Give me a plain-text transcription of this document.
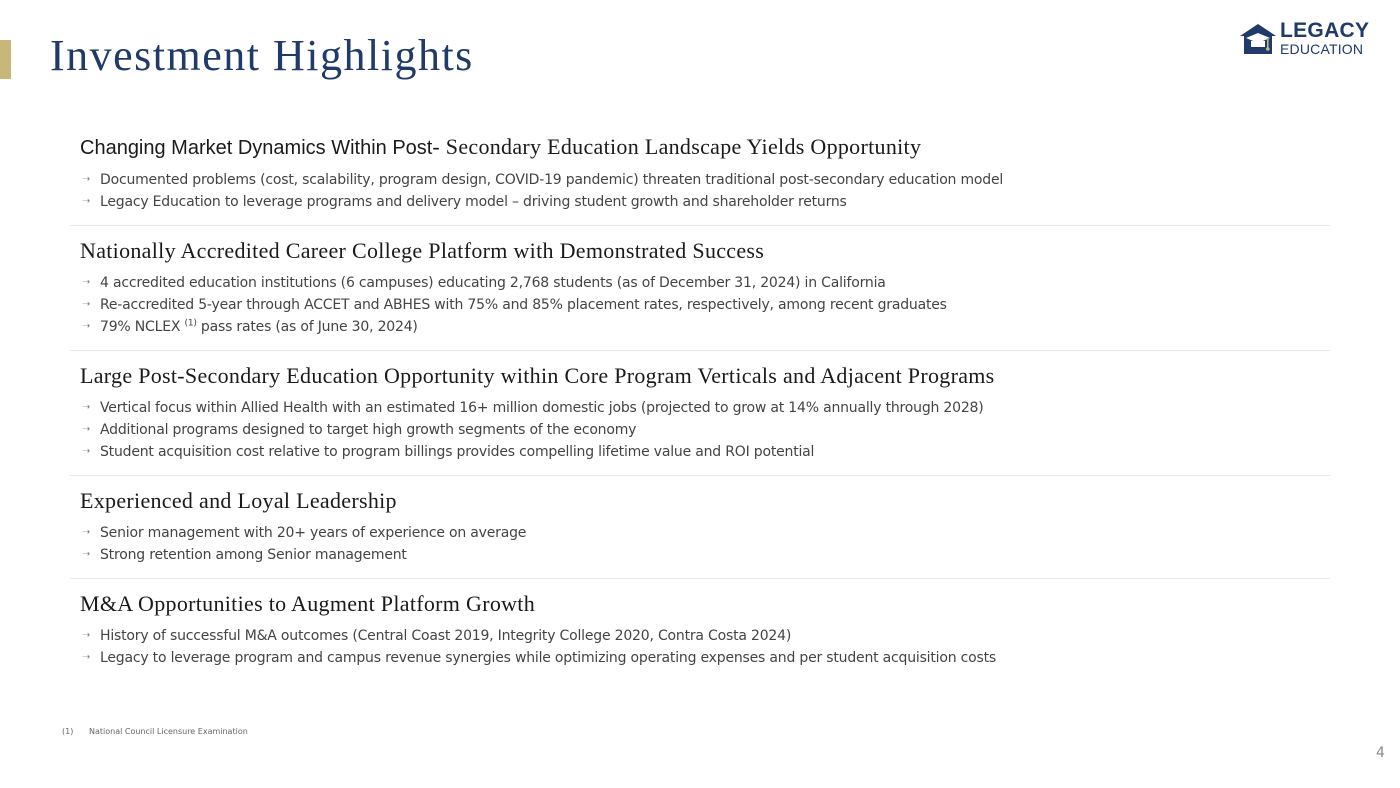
Investment Highlights
LEGACY
EDUCATION
Changing Market Dynamics Within Post- Secondary Education Landscape Yields Opportunity
➝ Documented problems (cost, scalability, program design, COVID-19 pandemic) threaten traditional post-secondary education model
➝ Legacy Education to leverage programs and delivery model – driving student growth and shareholder returns
Nationally Accredited Career College Platform with Demonstrated Success
➝ 4 accredited education institutions (6 campuses) educating 2,768 students (as of December 31, 2024) in California
➝ Re-accredited 5-year through ACCET and ABHES with 75% and 85% placement rates, respectively, among recent graduates
➝ 79% NCLEX $^{(1)}$ pass rates (as of June 30, 2024)
Large Post-Secondary Education Opportunity within Core Program Verticals and Adjacent Programs
➝ Vertical focus within Allied Health with an estimated 16+ million domestic jobs (projected to grow at 14% annually through 2028)
➝ Additional programs designed to target high growth segments of the economy
➝ Student acquisition cost relative to program billings provides compelling lifetime value and ROI potential
Experienced and Loyal Leadership
➝ Senior management with 20+ years of experience on average
➝ Strong retention among Senior management
M&A Opportunities to Augment Platform Growth
➝ History of successful M&A outcomes (Central Coast 2019, Integrity College 2020, Contra Costa 2024)
➝ Legacy to leverage program and campus revenue synergies while optimizing operating expenses and per student acquisition costs
(1) National Council Licensure Examination
4
